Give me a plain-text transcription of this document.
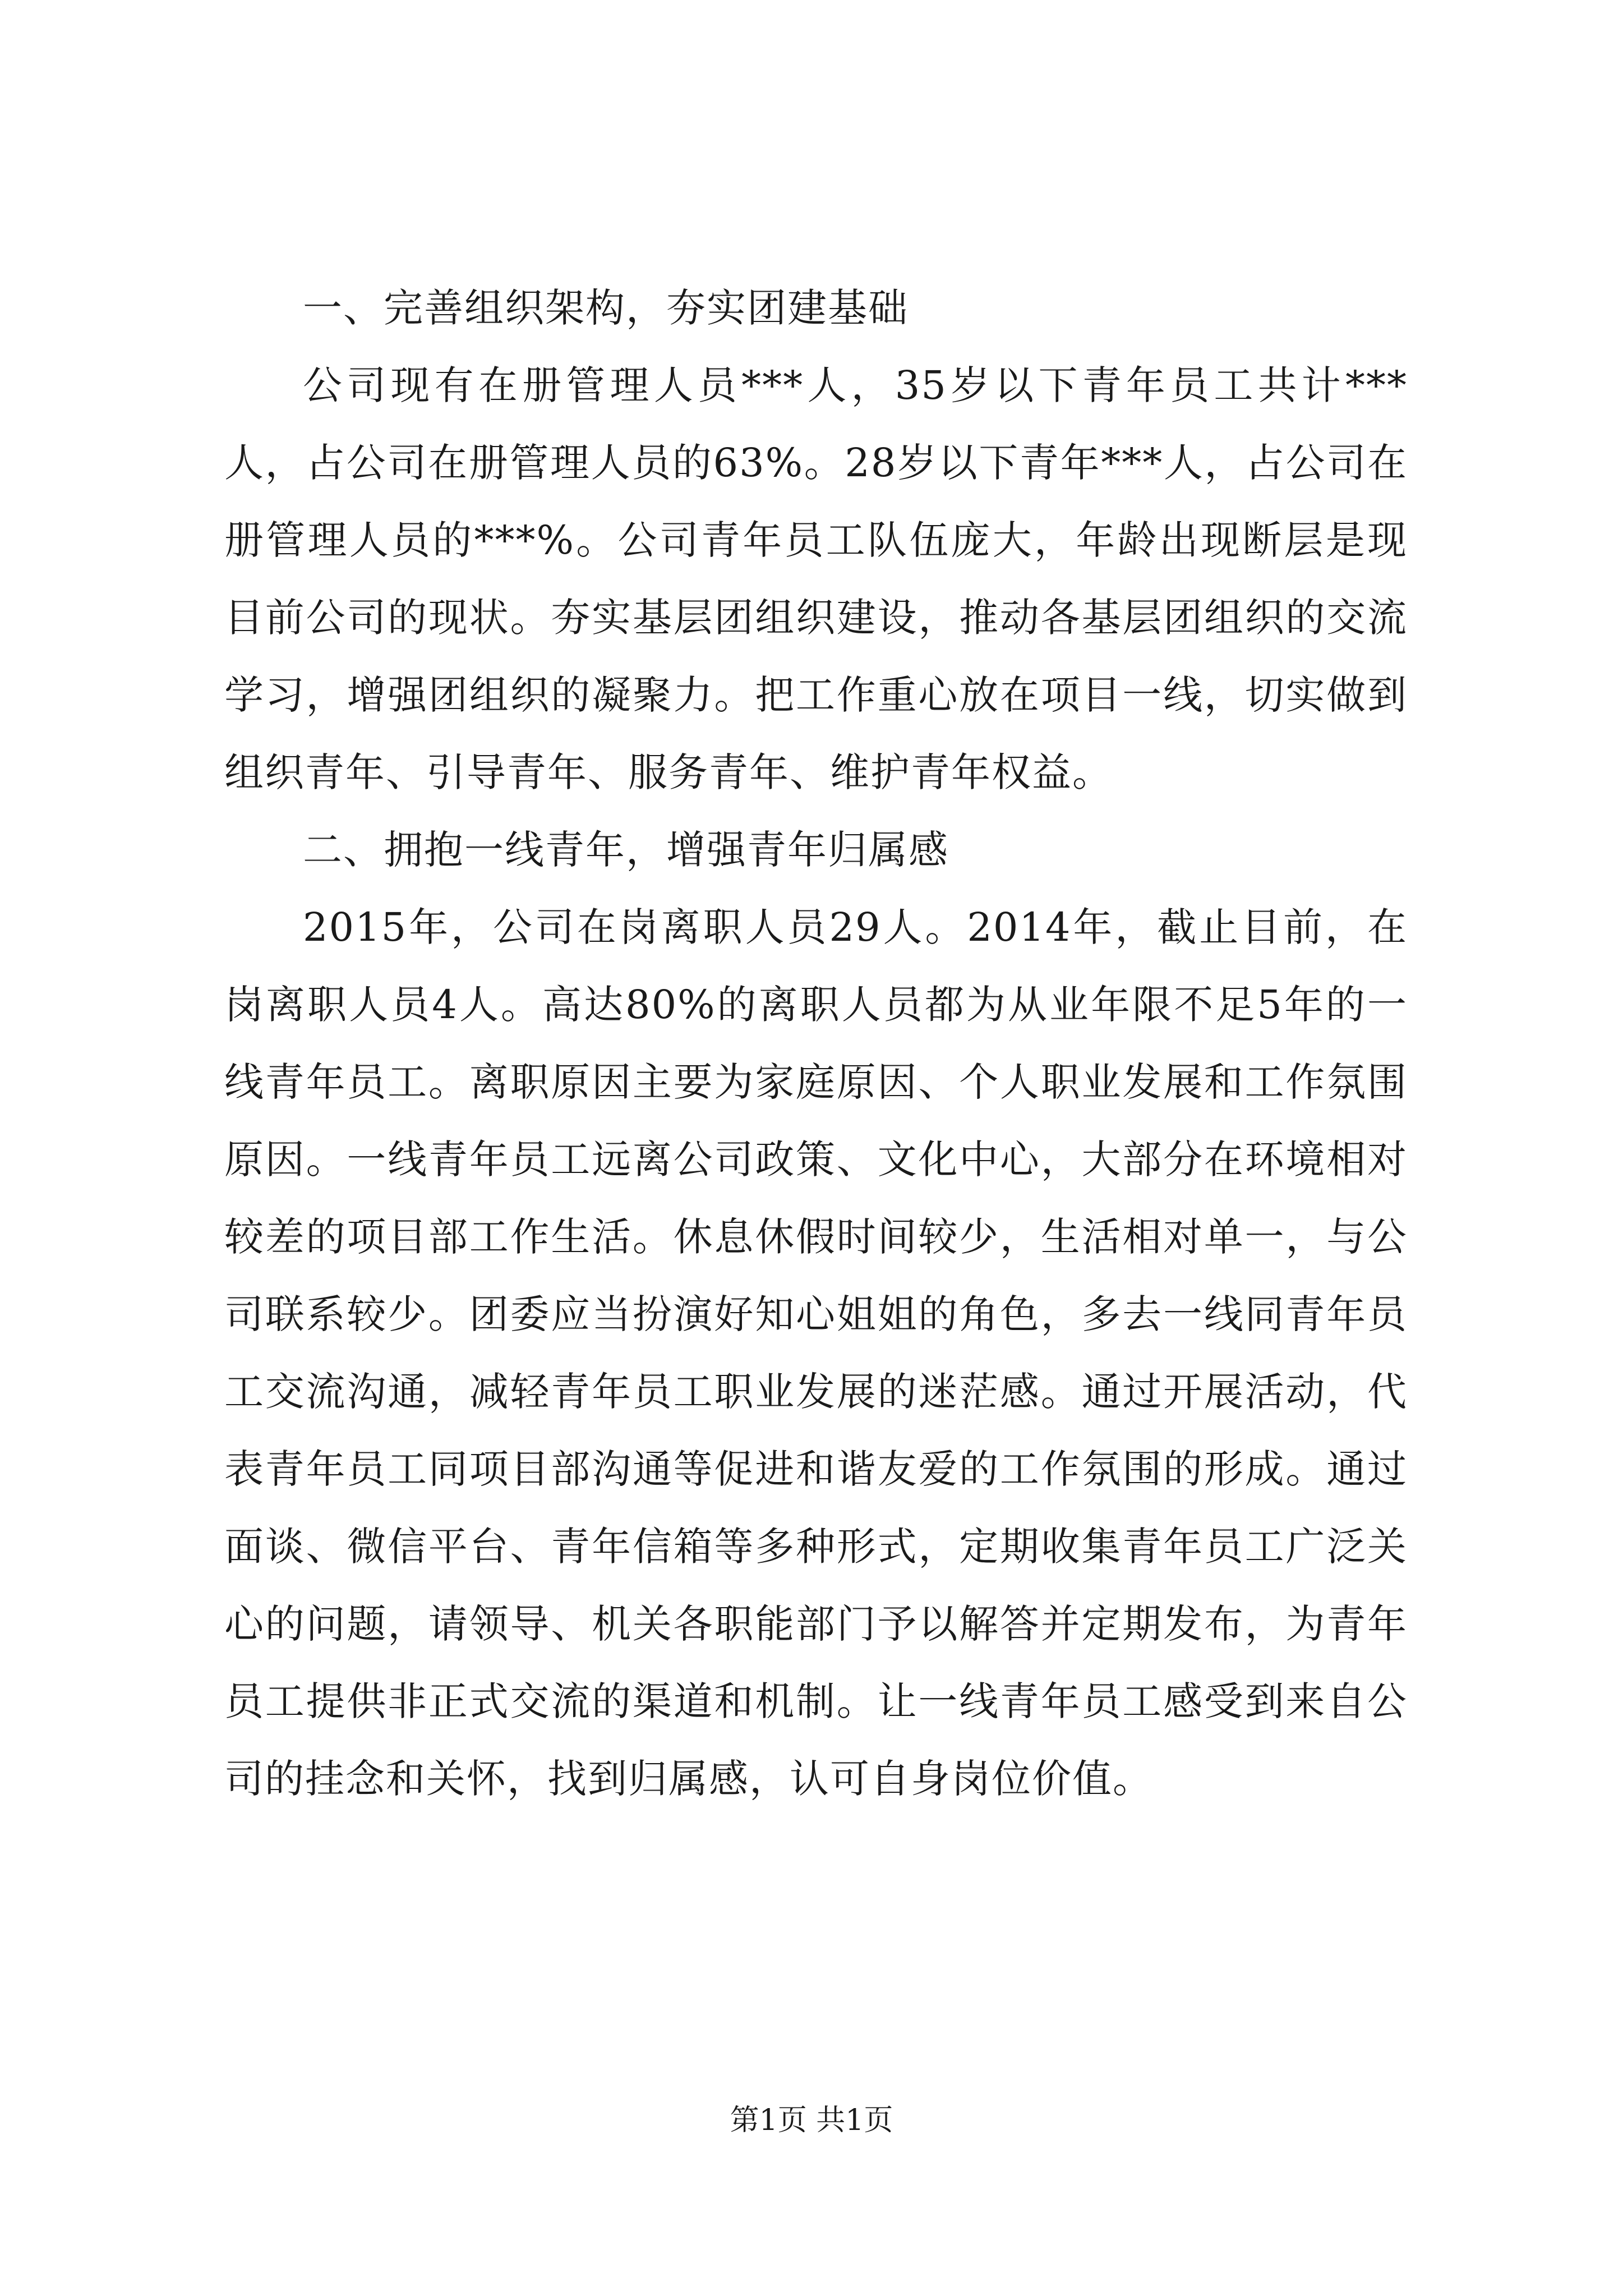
一、完善组织架构，夯实团建基础

公司现有在册管理人员***人，35岁以下青年员工共计***人，占公司在册管理人员的63%。28岁以下青年***人，占公司在册管理人员的***%。公司青年员工队伍庞大，年龄出现断层是现目前公司的现状。夯实基层团组织建设，推动各基层团组织的交流学习，增强团组织的凝聚力。把工作重心放在项目一线，切实做到组织青年、引导青年、服务青年、维护青年权益。

二、拥抱一线青年，增强青年归属感

2015年，公司在岗离职人员29人。2014年，截止目前，在岗离职人员4人。高达80%的离职人员都为从业年限不足5年的一线青年员工。离职原因主要为家庭原因、个人职业发展和工作氛围原因。一线青年员工远离公司政策、文化中心，大部分在环境相对较差的项目部工作生活。休息休假时间较少，生活相对单一，与公司联系较少。团委应当扮演好知心姐姐的角色，多去一线同青年员工交流沟通，减轻青年员工职业发展的迷茫感。通过开展活动，代表青年员工同项目部沟通等促进和谐友爱的工作氛围的形成。通过面谈、微信平台、青年信箱等多种形式，定期收集青年员工广泛关心的问题，请领导、机关各职能部门予以解答并定期发布，为青年员工提供非正式交流的渠道和机制。让一线青年员工感受到来自公司的挂念和关怀，找到归属感，认可自身岗位价值。

第1页 共1页
